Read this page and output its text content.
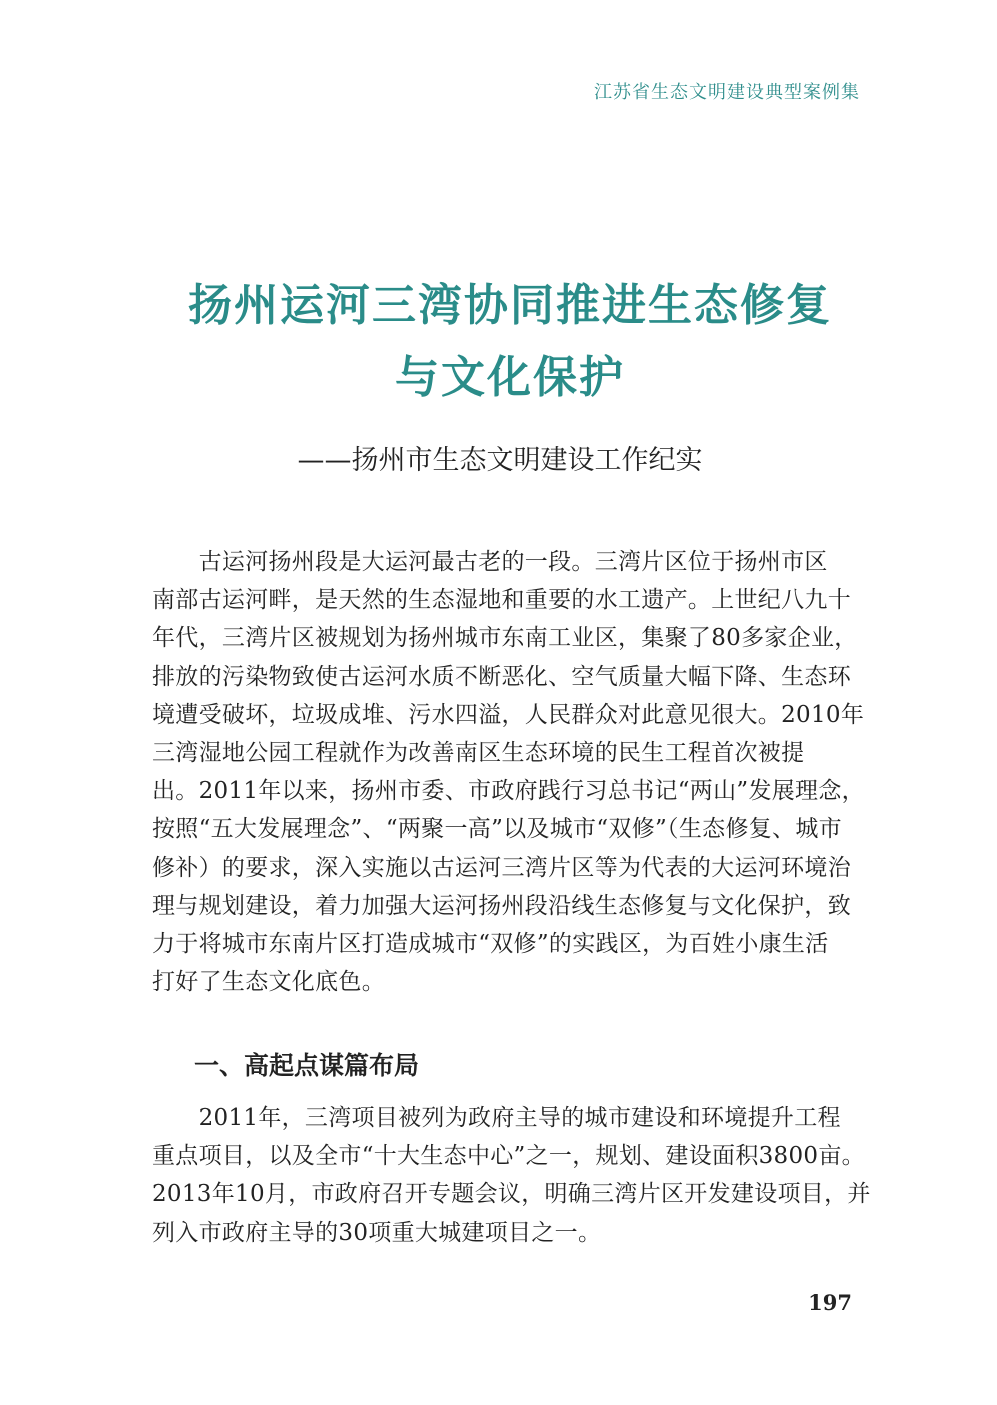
江苏省生态文明建设典型案例集
扬州运河三湾协同推进生态修复
与文化保护
——扬州市生态文明建设工作纪实
　　古运河扬州段是大运河最古老的一段。三湾片区位于扬州市区
南部古运河畔，是天然的生态湿地和重要的水工遗产。上世纪八九十
年代，三湾片区被规划为扬州城市东南工业区，集聚了80多家企业，
排放的污染物致使古运河水质不断恶化、空气质量大幅下降、生态环
境遭受破坏，垃圾成堆、污水四溢，人民群众对此意见很大。2010年
三湾湿地公园工程就作为改善南区生态环境的民生工程首次被提
出。2011年以来，扬州市委、市政府践行习总书记“两山”发展理念，
按照“五大发展理念”、“两聚一高”以及城市“双修”（生态修复、城市
修补）的要求，深入实施以古运河三湾片区等为代表的大运河环境治
理与规划建设，着力加强大运河扬州段沿线生态修复与文化保护，致
力于将城市东南片区打造成城市“双修”的实践区，为百姓小康生活
打好了生态文化底色。
一、高起点谋篇布局
　　2011年，三湾项目被列为政府主导的城市建设和环境提升工程
重点项目，以及全市“十大生态中心”之一，规划、建设面积3800亩。
2013年10月，市政府召开专题会议，明确三湾片区开发建设项目，并
列入市政府主导的30项重大城建项目之一。
197
